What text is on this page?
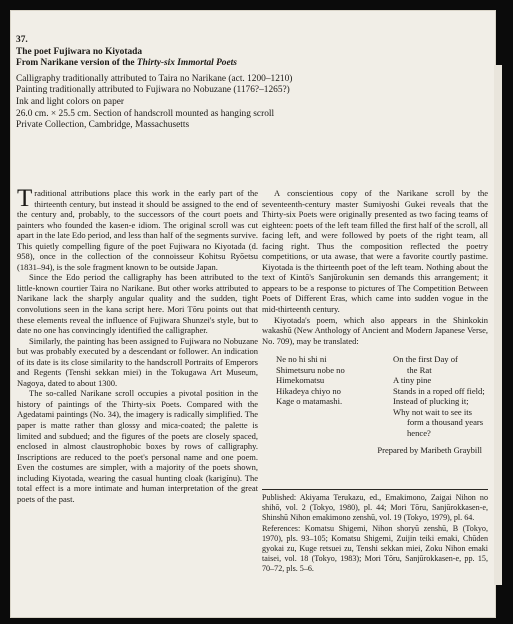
37.
The poet Fujiwara no Kiyotada
From Narikane version of the Thirty-six Immortal Poets
Calligraphy traditionally attributed to Taira no Narikane (act. 1200–1210)
Painting traditionally attributed to Fujiwara no Nobuzane (1176?–1265?)
Ink and light colors on paper
26.0 cm. × 25.5 cm. Section of handscroll mounted as hanging scroll
Private Collection, Cambridge, Massachusetts

Traditional attributions place this work in the early part of the thirteenth century, but instead it should be assigned to the end of the century and, probably, to the successors of the court poets and painters who founded the kasen-e idiom. The original scroll was cut apart in the late Edo period, and less than half of the segments survive. This quietly compelling figure of the poet Fujiwara no Kiyotada (d. 958), once in the collection of the connoisseur Kohitsu Ryōetsu (1831–94), is the sole fragment known to be outside Japan.

Since the Edo period the calligraphy has been attributed to the little-known courtier Taira no Narikane. But other works attributed to Narikane lack the sharply angular quality and the sudden, tight convolutions seen in the kana script here. Mori Tōru points out that these elements reveal the influence of Fujiwara Shunzei's style, but to date no one has convincingly identified the calligrapher.

Similarly, the painting has been assigned to Fujiwara no Nobuzane but was probably executed by a descendant or follower. An indication of its date is its close similarity to the handscroll Portraits of Emperors and Regents (Tenshi sekkan miei) in the Tokugawa Art Museum, Nagoya, dated to about 1300.

The so-called Narikane scroll occupies a pivotal position in the history of paintings of the Thirty-six Poets. Compared with the Agedatami paintings (No. 34), the imagery is radically simplified. The paper is matte rather than glossy and mica-coated; the palette is limited and subdued; and the figures of the poets are closely spaced, enclosed in almost claustrophobic boxes by rows of calligraphy. Inscriptions are reduced to the poet's personal name and one poem. Even the costumes are simpler, with a majority of the poets shown, including Kiyotada, wearing the casual hunting cloak (karigínu). The total effect is a more intimate and human interpretation of the great poets of the past.

A conscientious copy of the Narikane scroll by the seventeenth-century master Sumiyoshi Gukei reveals that the Thirty-six Poets were originally presented as two facing teams of eighteen: poets of the left team filled the first half of the scroll, all facing left, and were followed by poets of the right team, all facing right. Thus the composition reflected the poetry competitions, or uta awase, that were a favorite courtly pastime. Kiyotada is the thirteenth poet of the left team. Nothing about the text of Kintō's Sanjūrokunin sen demands this arrangement; it appears to be a response to pictures of The Competition Between Poets of Different Eras, which came into sudden vogue in the mid-thirteenth century.

Kiyotada's poem, which also appears in the Shinkokin wakashū (New Anthology of Ancient and Modern Japanese Verse, No. 709), may be translated:

Ne no hi shi ni
Shimetsuru nobe no
Himekomatsu
Hikadeya chiyo no
Kage o matamashi.
On the first Day of
the Rat
A tiny pine
Stands in a roped off field;
Instead of plucking it;
Why not wait to see its
form a thousand years
hence?
Prepared by Maribeth Graybill

Published: Akiyama Terukazu, ed., Emakimono, Zaigai Nihon no shihō, vol. 2 (Tokyo, 1980), pl. 44; Mori Tōru, Sanjūrokkasen-e, Shinshū Nihon emakimono zenshū, vol. 19 (Tokyo, 1979), pl. 64.

References: Komatsu Shigemi, Nihon shoryū zenshū, B (Tokyo, 1970), pls. 93–105; Komatsu Shigemi, Zuijin teiki emaki, Chūden gyokai zu, Kuge retsuei zu, Tenshi sekkan miei, Zoku Nihon emaki taisei, vol. 18 (Tokyo, 1983); Mori Tōru, Sanjūrokkasen-e, pp. 15, 70–72, pls. 5–6.
